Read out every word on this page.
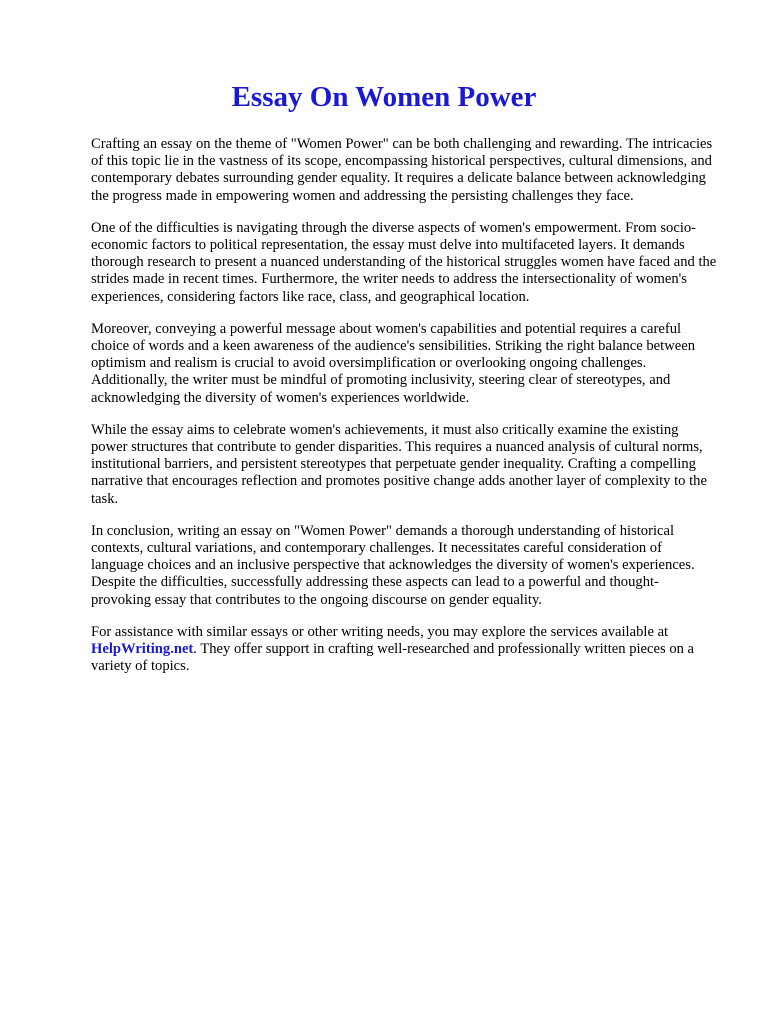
Essay On Women Power

Crafting an essay on the theme of "Women Power" can be both challenging and rewarding. The intricacies of this topic lie in the vastness of its scope, encompassing historical perspectives, cultural dimensions, and contemporary debates surrounding gender equality. It requires a delicate balance between acknowledging the progress made in empowering women and addressing the persisting challenges they face.

One of the difficulties is navigating through the diverse aspects of women's empowerment. From socio-economic factors to political representation, the essay must delve into multifaceted layers. It demands thorough research to present a nuanced understanding of the historical struggles women have faced and the strides made in recent times. Furthermore, the writer needs to address the intersectionality of women's experiences, considering factors like race, class, and geographical location.

Moreover, conveying a powerful message about women's capabilities and potential requires a careful choice of words and a keen awareness of the audience's sensibilities. Striking the right balance between optimism and realism is crucial to avoid oversimplification or overlooking ongoing challenges. Additionally, the writer must be mindful of promoting inclusivity, steering clear of stereotypes, and acknowledging the diversity of women's experiences worldwide.

While the essay aims to celebrate women's achievements, it must also critically examine the existing power structures that contribute to gender disparities. This requires a nuanced analysis of cultural norms, institutional barriers, and persistent stereotypes that perpetuate gender inequality. Crafting a compelling narrative that encourages reflection and promotes positive change adds another layer of complexity to the task.

In conclusion, writing an essay on "Women Power" demands a thorough understanding of historical contexts, cultural variations, and contemporary challenges. It necessitates careful consideration of language choices and an inclusive perspective that acknowledges the diversity of women's experiences. Despite the difficulties, successfully addressing these aspects can lead to a powerful and thought-provoking essay that contributes to the ongoing discourse on gender equality.

For assistance with similar essays or other writing needs, you may explore the services available at HelpWriting.net. They offer support in crafting well-researched and professionally written pieces on a variety of topics.
